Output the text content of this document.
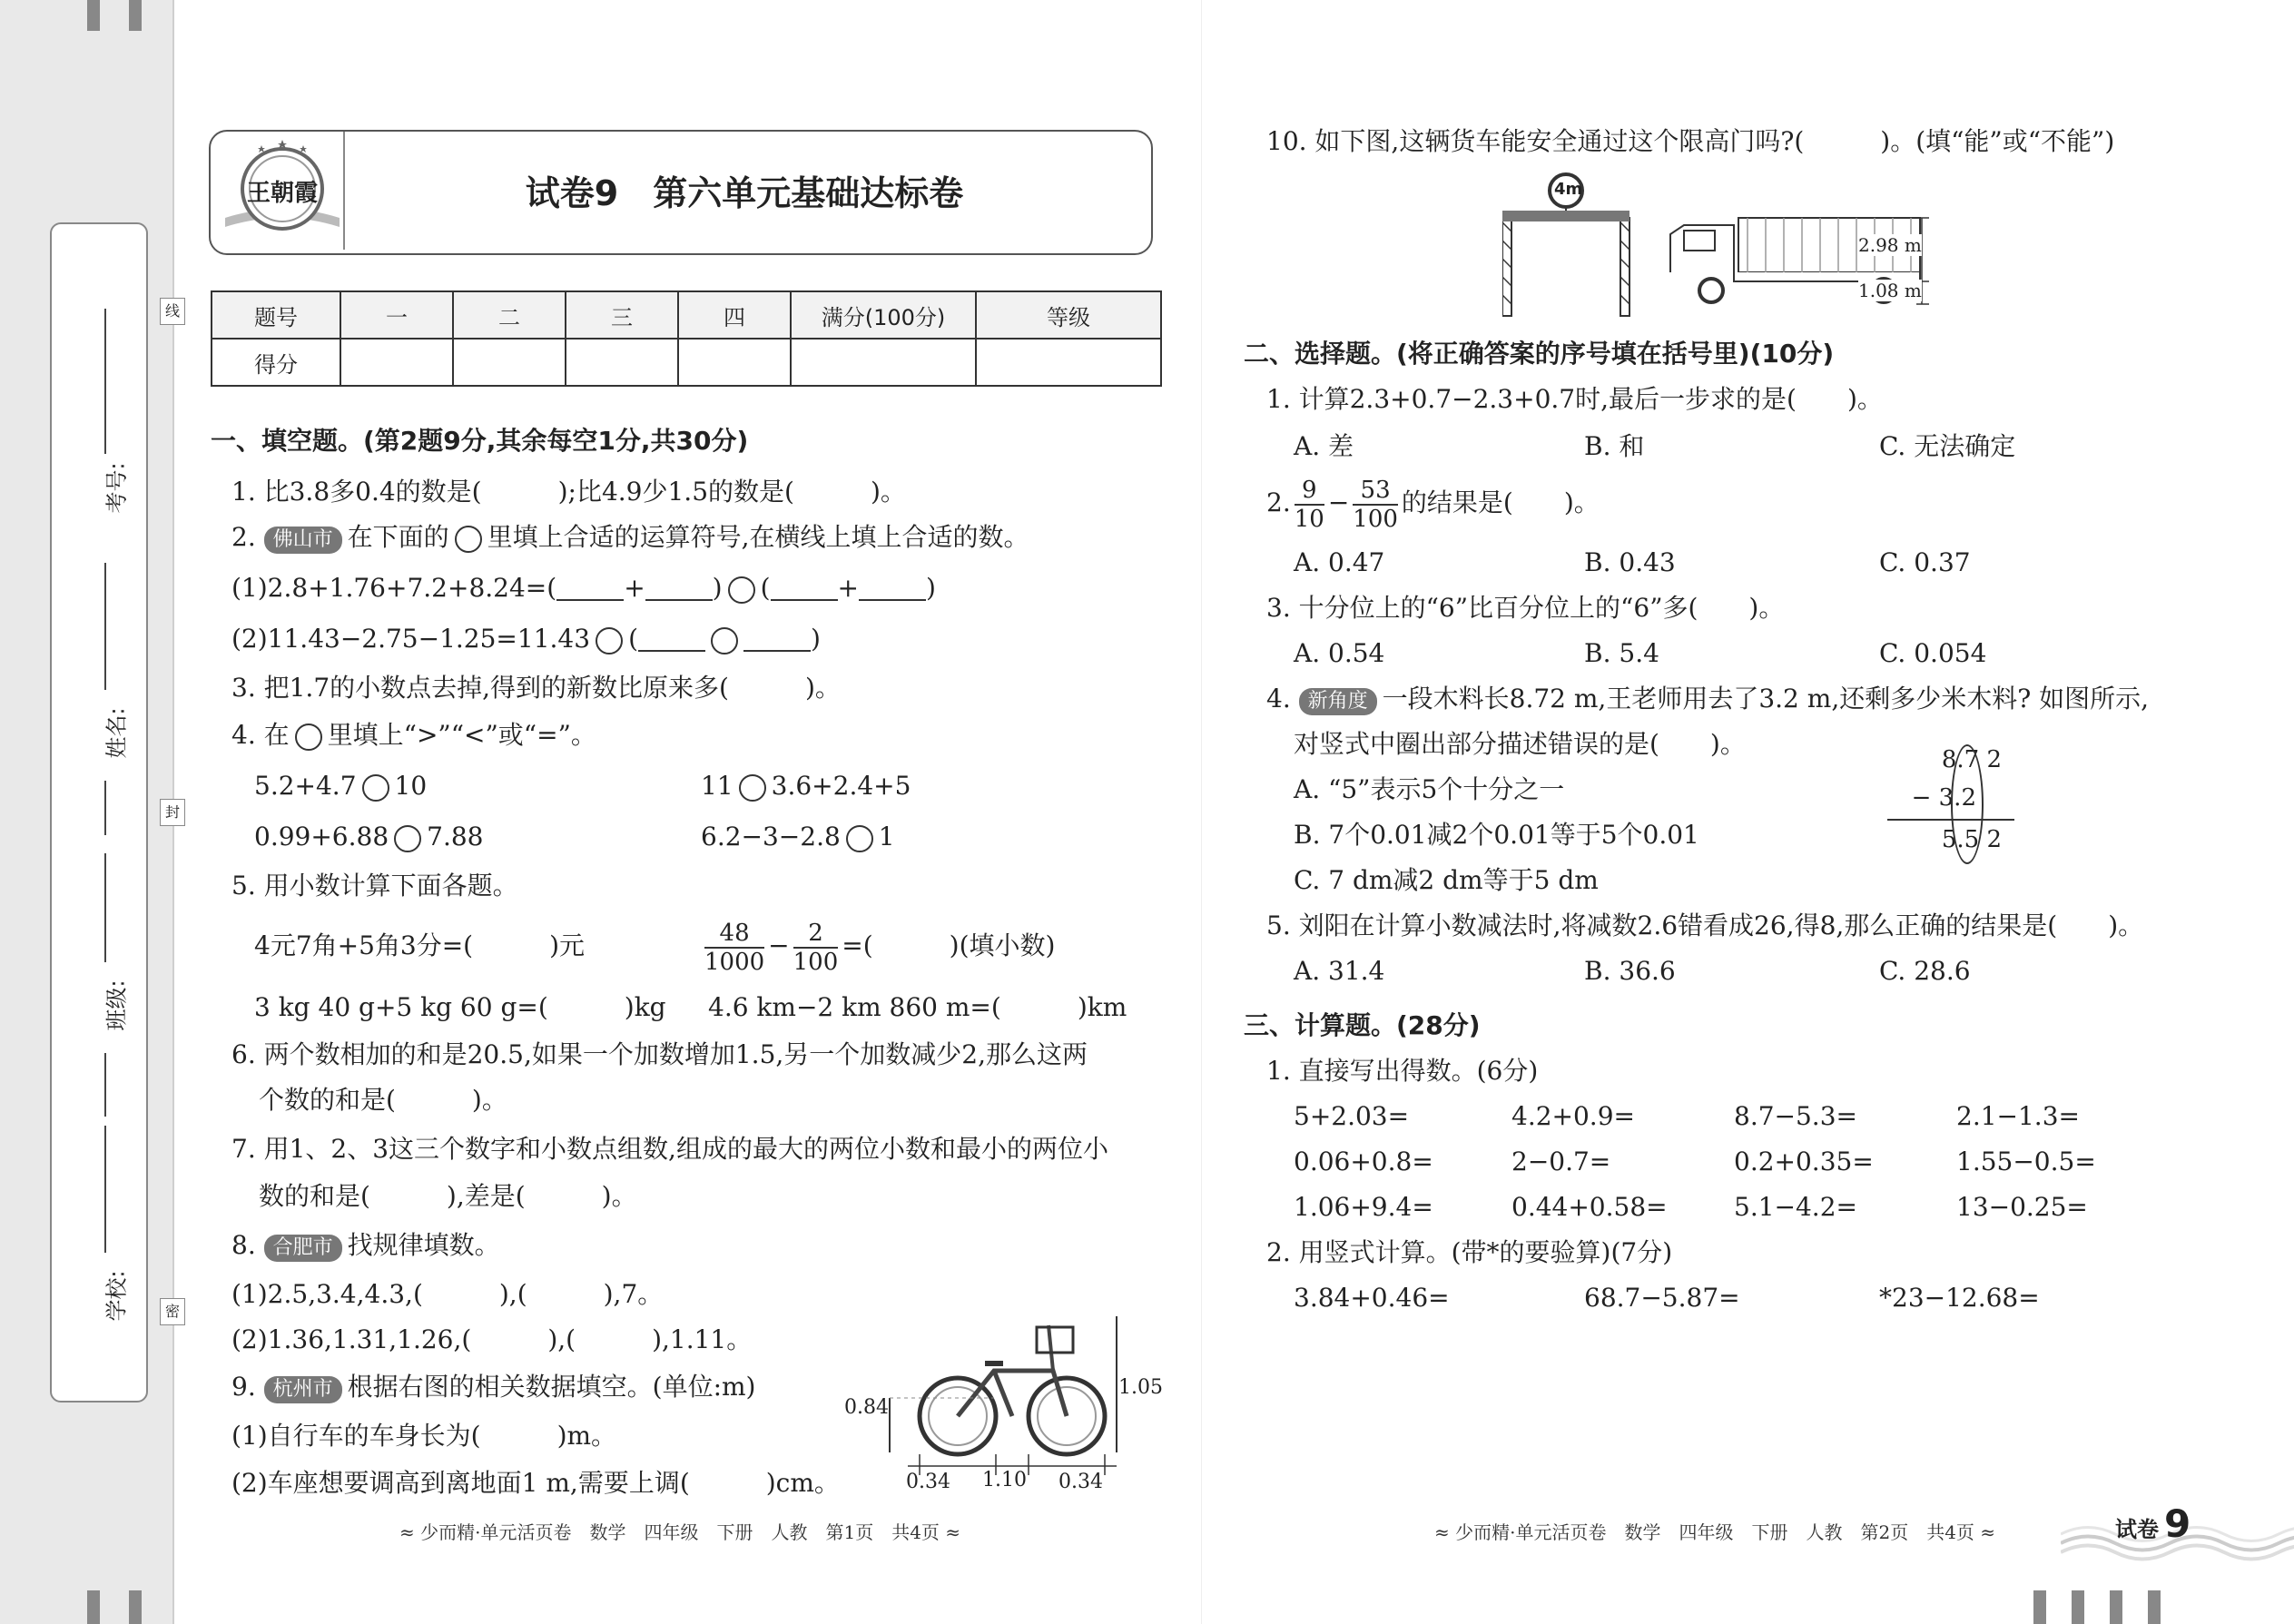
考号:
姓名:
班级:
学校:
线
封
密
王朝霞	试卷9　第六单元基础达标卷
题号	一	二	三	四	满分(100分)	等级
得分						
一、填空题。(第2题9分,其余每空1分,共30分)
1. 比3.8多0.4的数是(　　　);比4.9少1.5的数是(　　　)。
2. 佛山市 在下面的 里填上合适的运算符号,在横线上填上合适的数。
(1)2.8+1.76+7.2+8.24=(	+	) (	+	)
(2)11.43−2.75−1.25=11.43 (	)
3. 把1.7的小数点去掉,得到的新数比原来多(　　　)。
4. 在 里填上“>”“<”或“=”。
5.2+4.7 10	11 3.6+2.4+5
0.99+6.88 7.88	6.2−3−2.8 1
5. 用小数计算下面各题。
4元7角+5角3分=(　　　)元	$\frac{48}{1000} - \frac{2}{100}$ =(　　　)(填小数)
3 kg 40 g+5 kg 60 g=(　　　)kg 4.6 km−2 km 860 m=(　　　)km
6. 两个数相加的和是20.5,如果一个加数增加1.5,另一个加数减少2,那么这两
个数的和是(　　　)。
7. 用1、2、3这三个数字和小数点组数,组成的最大的两位小数和最小的两位小
数的和是(　　　),差是(　　　)。
8. 合肥市 找规律填数。
(1)2.5,3.4,4.3,(　　　),(　　　),7。
(2)1.36,1.31,1.26,(　　　),(　　　),1.11。
9. 杭州市 根据右图的相关数据填空。(单位:m)
(1)自行车的车身长为(　　　)m。
(2)车座想要调高到离地面1 m,需要上调(　　　)cm。
0.84
1.05
0.34 1.10 0.34
≈ 少而精·单元活页卷　数学　四年级　下册　人教　第1页　共4页 ≈
10. 如下图,这辆货车能安全通过这个限高门吗?(　　　)。(填“能”或“不能”)
4m
2.98 m
1.08 m
二、选择题。(将正确答案的序号填在括号里)(10分)
1. 计算2.3+0.7−2.3+0.7时,最后一步求的是(　　)。
A. 差	B. 和	C. 无法确定
2. $\frac{9}{10} - \frac{53}{100}$ 的结果是(　　)。
A. 0.47	B. 0.43	C. 0.37
3. 十分位上的“6”比百分位上的“6”多(　　)。
A. 0.54	B. 5.4	C. 0.054
4. 新角度 一段木料长8.72 m,王老师用去了3.2 m,还剩多少米木料? 如图所示,
对竖式中圈出部分描述错误的是(　　)。
A. “5”表示5个十分之一
B. 7个0.01减2个0.01等于5个0.01
C. 7 dm减2 dm等于5 dm
8.7 2
− 3.2
5.5 2
5. 刘阳在计算小数减法时,将减数2.6错看成26,得8,那么正确的结果是(　　)。
A. 31.4	B. 36.6	C. 28.6
三、计算题。(28分)
1. 直接写出得数。(6分)
5+2.03=	4.2+0.9=	8.7−5.3=	2.1−1.3=
0.06+0.8=	2−0.7=	0.2+0.35=	1.55−0.5=
1.06+9.4=	0.44+0.58=	5.1−4.2=	13−0.25=
2. 用竖式计算。(带*的要验算)(7分)
3.84+0.46=	68.7−5.87=	*23−12.68=
≈ 少而精·单元活页卷　数学　四年级　下册　人教　第2页　共4页 ≈	试卷 9
